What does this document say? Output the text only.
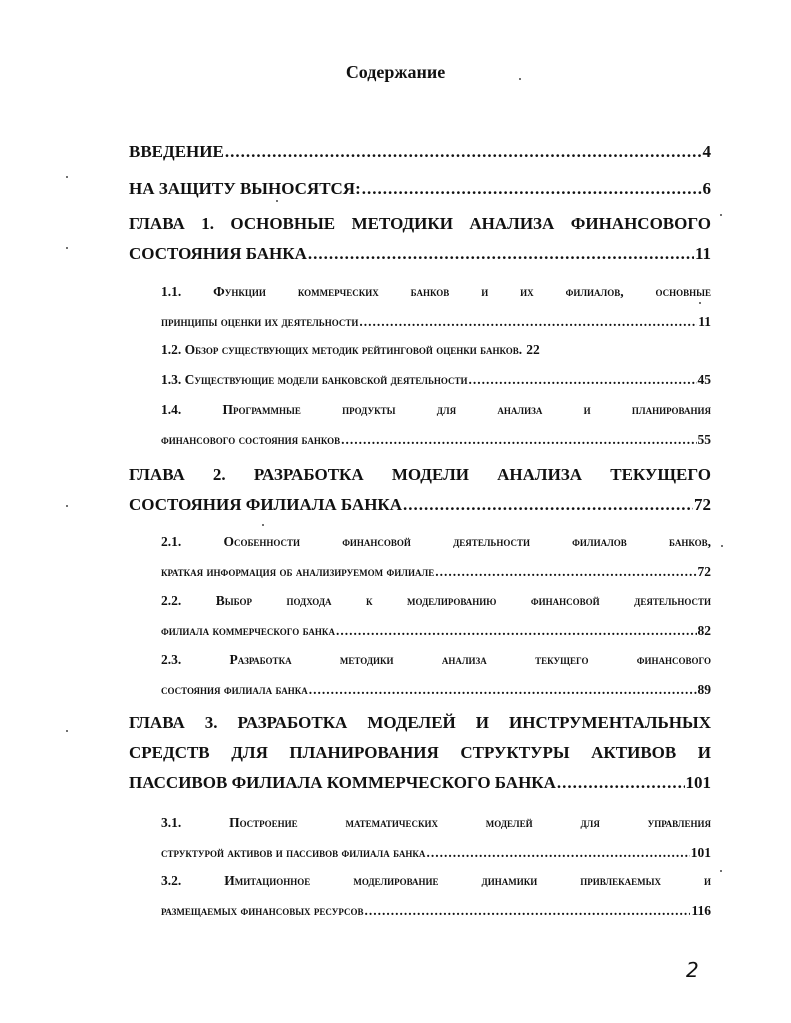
Содержание
ВВЕДЕНИЕ .....	4
НА ЗАЩИТУ ВЫНОСЯТСЯ: .....	6
ГЛАВА 1. ОСНОВНЫЕ МЕТОДИКИ АНАЛИЗА ФИНАНСОВОГО
СОСТОЯНИЯ БАНКА .....	11
1.1. Функции коммерческих банков и их филиалов, основные
принципы оценки их деятельности .....	11
1.2. Обзор существующих методик рейтинговой оценки банков. 22
1.3. Существующие модели банковской деятельности .....	45
1.4. Программные продукты для анализа и планирования
финансового состояния банков .....	55
ГЛАВА 2. РАЗРАБОТКА МОДЕЛИ АНАЛИЗА ТЕКУЩЕГО
СОСТОЯНИЯ ФИЛИАЛА БАНКА .....	72
2.1. Особенности финансовой деятельности филиалов банков,
краткая информация об анализируемом филиале .....	72
2.2. Выбор подхода к моделированию финансовой деятельности
филиала коммерческого банка .....	82
2.3. Разработка методики анализа текущего финансового
состояния филиала банка .....	89
ГЛАВА 3. РАЗРАБОТКА МОДЕЛЕЙ И ИНСТРУМЕНТАЛЬНЫХ
СРЕДСТВ ДЛЯ ПЛАНИРОВАНИЯ СТРУКТУРЫ АКТИВОВ И
ПАССИВОВ ФИЛИАЛА КОММЕРЧЕСКОГО БАНКА .....	101
3.1. Построение математических моделей для управления
структурой активов и пассивов филиала банка .....	101
3.2. Имитационное моделирование динамики привлекаемых и
размещаемых финансовых ресурсов .....	116
2
